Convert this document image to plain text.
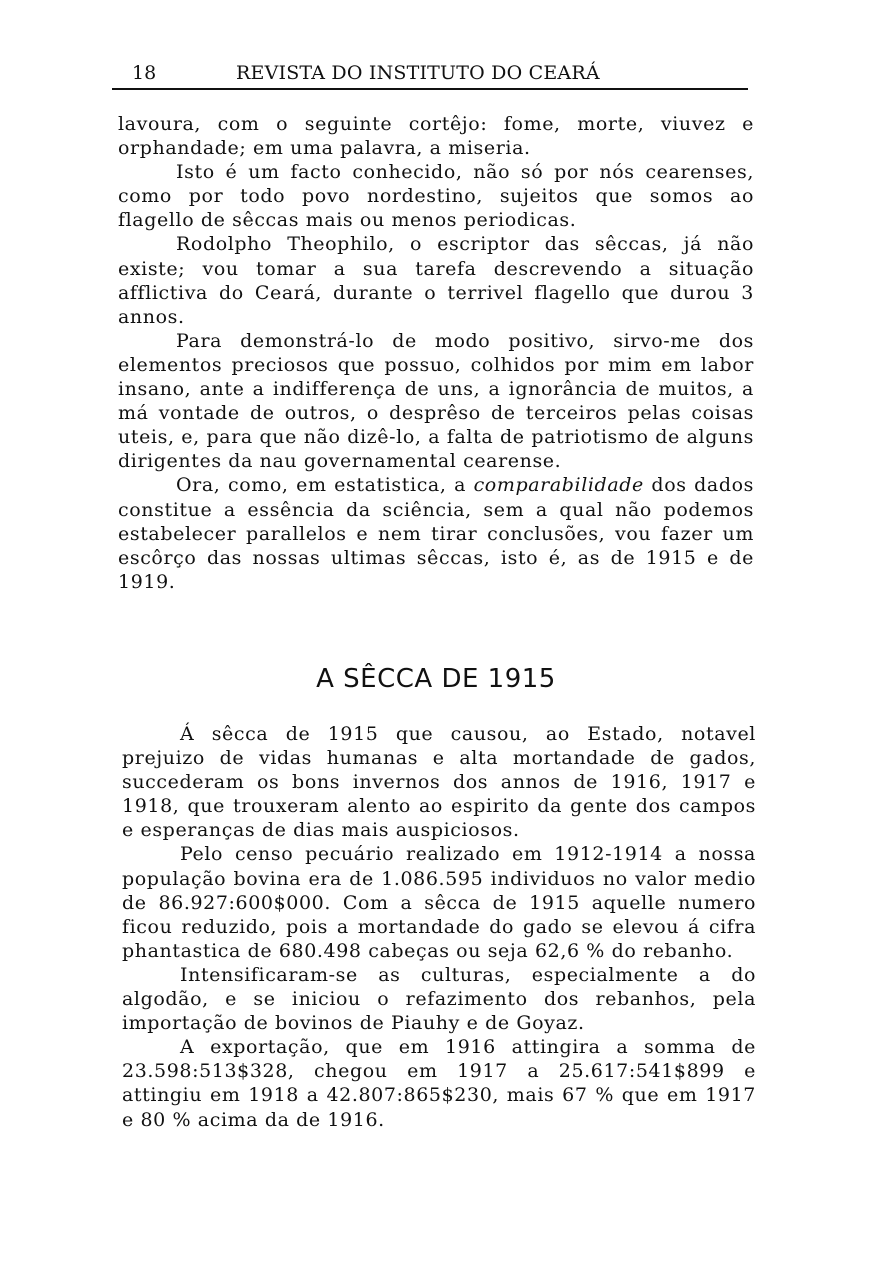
18	REVISTA DO INSTITUTO DO CEARÁ

lavoura, com o seguinte cortêjo: fome, morte, viuvez e orphandade; em uma palavra, a miseria.

Isto é um facto conhecido, não só por nós cearenses, como por todo povo nordestino, sujeitos que somos ao flagello de sêccas mais ou menos periodicas.

Rodolpho Theophilo, o escriptor das sêccas, já não existe; vou tomar a sua tarefa descrevendo a situação afflictiva do Ceará, durante o terrivel flagello que durou 3 annos.

Para demonstrá-lo de modo positivo, sirvo-me dos elementos preciosos que possuo, colhidos por mim em labor insano, ante a indifferença de uns, a ignorância de muitos, a má vontade de outros, o desprêso de terceiros pelas coisas uteis, e, para que não dizê-lo, a falta de patriotismo de alguns dirigentes da nau governamental cearense.

Ora, como, em estatistica, a comparabilidade dos dados constitue a essência da sciência, sem a qual não podemos estabelecer parallelos e nem tirar conclusões, vou fazer um escôrço das nossas ultimas sêccas, isto é, as de 1915 e de 1919.

A SÊCCA DE 1915

Á sêcca de 1915 que causou, ao Estado, notavel prejuizo de vidas humanas e alta mortandade de gados, succederam os bons invernos dos annos de 1916, 1917 e 1918, que trouxeram alento ao espirito da gente dos campos e esperanças de dias mais auspiciosos.

Pelo censo pecuário realizado em 1912-1914 a nossa população bovina era de 1.086.595 individuos no valor medio de 86.927:600$000. Com a sêcca de 1915 aquelle numero ficou reduzido, pois a mortandade do gado se elevou á cifra phantastica de 680.498 cabeças ou seja 62,6 % do rebanho.

Intensificaram-se as culturas, especialmente a do algodão, e se iniciou o refazimento dos rebanhos, pela importação de bovinos de Piauhy e de Goyaz.

A exportação, que em 1916 attingira a somma de 23.598:513$328, chegou em 1917 a 25.617:541$899 e attingiu em 1918 a 42.807:865$230, mais 67 % que em 1917 e 80 % acima da de 1916.
